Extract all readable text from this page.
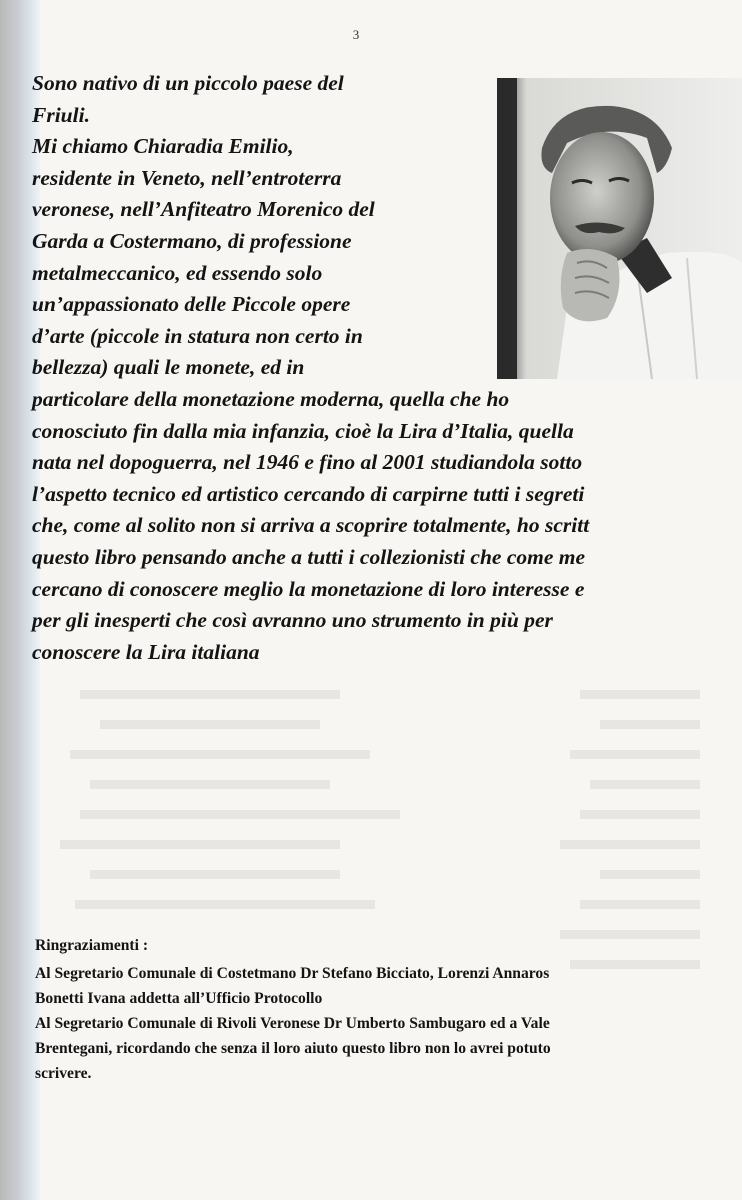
3

Sono nativo di un piccolo paese del
Friuli.
Mi chiamo Chiaradia Emilio,
residente in Veneto, nell’entroterra
veronese, nell’Anfiteatro Morenico del
Garda a Costermano, di professione
metalmeccanico, ed essendo solo
un’appassionato delle Piccole opere
d’arte (piccole in statura non certo in
bellezza) quali le monete, ed in
particolare della monetazione moderna, quella che ho
conosciuto fin dalla mia infanzia, cioè la Lira d’Italia, quella
nata nel dopoguerra, nel 1946 e fino al 2001 studiandola sotto
l’aspetto tecnico ed artistico cercando di carpirne tutti i segreti
che, come al solito non si arriva a scoprire totalmente, ho scritt
questo libro pensando anche a tutti i collezionisti che come me
cercano di conoscere meglio la monetazione di loro interesse e
per gli inesperti che così avranno uno strumento in più per
conoscere la Lira italiana

Ringraziamenti :
Al Segretario Comunale di Costetmano Dr Stefano Bicciato, Lorenzi Annaros
Bonetti Ivana addetta all’Ufficio Protocollo
Al Segretario Comunale di Rivoli Veronese Dr Umberto Sambugaro ed a Vale
Brentegani, ricordando che senza il loro aiuto questo libro non lo avrei potuto
scrivere.
